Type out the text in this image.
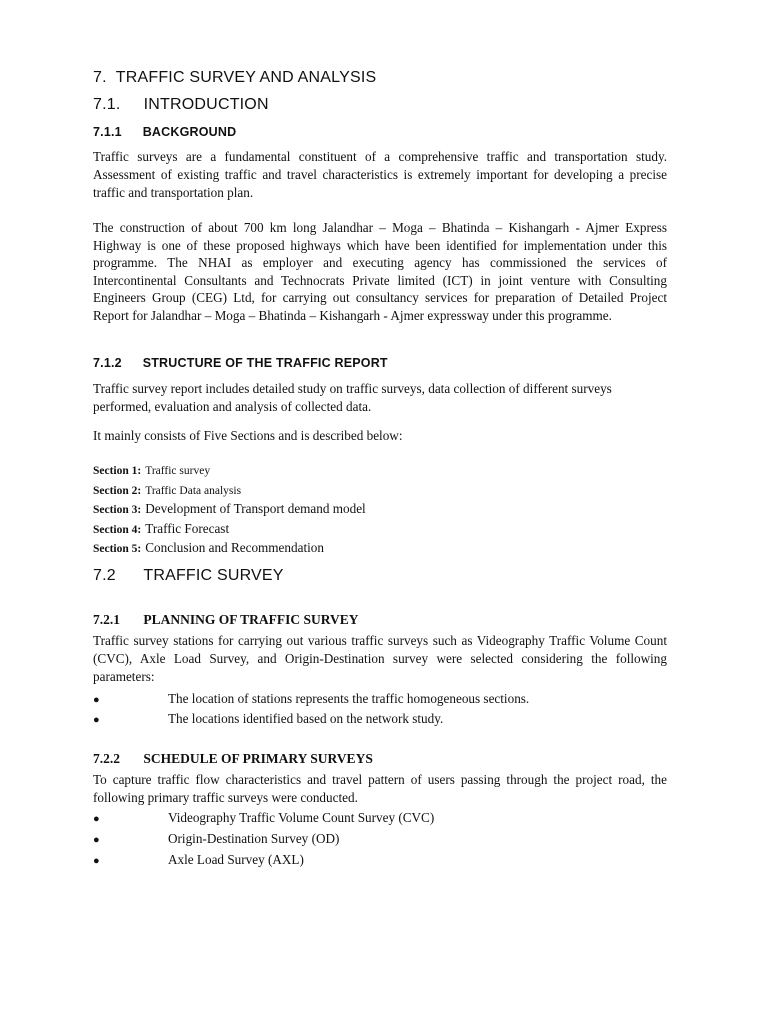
7. TRAFFIC SURVEY AND ANALYSIS
7.1. INTRODUCTION
7.1.1 BACKGROUND

Traffic surveys are a fundamental constituent of a comprehensive traffic and transportation study. Assessment of existing traffic and travel characteristics is extremely important for developing a precise traffic and transportation plan.

The construction of about 700 km long Jalandhar – Moga – Bhatinda – Kishangarh - Ajmer Express Highway is one of these proposed highways which have been identified for implementation under this programme. The NHAI as employer and executing agency has commissioned the services of Intercontinental Consultants and Technocrats Private limited (ICT) in joint venture with Consulting Engineers Group (CEG) Ltd, for carrying out consultancy services for preparation of Detailed Project Report for Jalandhar – Moga – Bhatinda – Kishangarh - Ajmer expressway under this programme.

7.1.2 STRUCTURE OF THE TRAFFIC REPORT

Traffic survey report includes detailed study on traffic surveys, data collection of different surveys performed, evaluation and analysis of collected data.

It mainly consists of Five Sections and is described below:

Section 1: Traffic survey
Section 2: Traffic Data analysis
Section 3: Development of Transport demand model
Section 4: Traffic Forecast
Section 5: Conclusion and Recommendation
7.2 TRAFFIC SURVEY
7.2.1 PLANNING OF TRAFFIC SURVEY

Traffic survey stations for carrying out various traffic surveys such as Videography Traffic Volume Count (CVC), Axle Load Survey, and Origin-Destination survey were selected considering the following parameters:

●	The location of stations represents the traffic homogeneous sections.
●	The locations identified based on the network study.
7.2.2 SCHEDULE OF PRIMARY SURVEYS

To capture traffic flow characteristics and travel pattern of users passing through the project road, the following primary traffic surveys were conducted.

●	Videography Traffic Volume Count Survey (CVC)
●	Origin-Destination Survey (OD)
●	Axle Load Survey (AXL)
